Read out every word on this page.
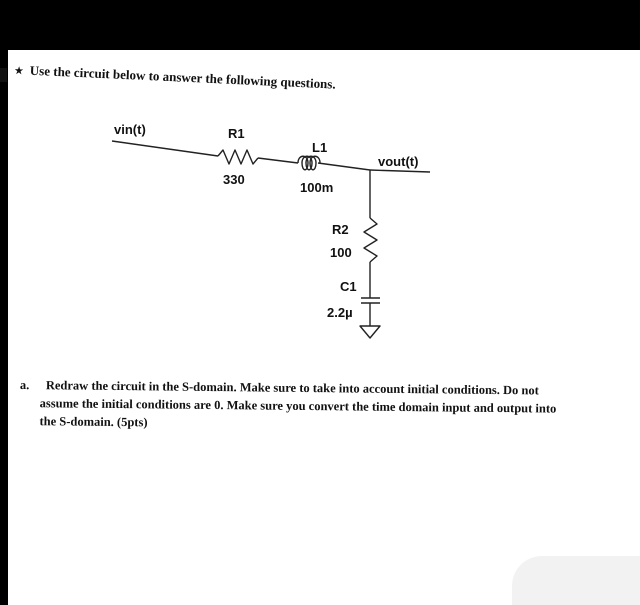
★ Use the circuit below to answer the following questions.
vin(t)	R1
330
L1
100m
vout(t)
R2
100
C1
2.2µ
a. Redraw the circuit in the S-domain. Make sure to take into account initial conditions. Do not
assume the initial conditions are 0. Make sure you convert the time domain input and output into
the S-domain. (5pts)
